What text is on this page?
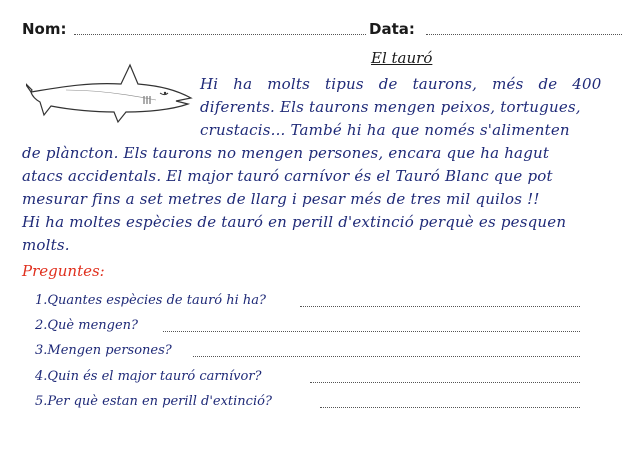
Nom:	Data:
El tauró
Hi ha molts tipus de taurons, més de 400
diferents. Els taurons mengen peixos, tortugues,
crustacis... També hi ha que només s'alimenten
de plàncton. Els taurons no mengen persones, encara que ha hagut
atacs accidentals. El major tauró carnívor és el Tauró Blanc que pot
mesurar fins a set metres de llarg i pesar més de tres mil quilos !!
Hi ha moltes espècies de tauró en perill d'extinció perquè es pesquen
molts.
Preguntes:
1.Quantes espècies de tauró hi ha?
2.Què mengen?
3.Mengen persones?
4.Quin és el major tauró carnívor?
5.Per què estan en perill d'extinció?
